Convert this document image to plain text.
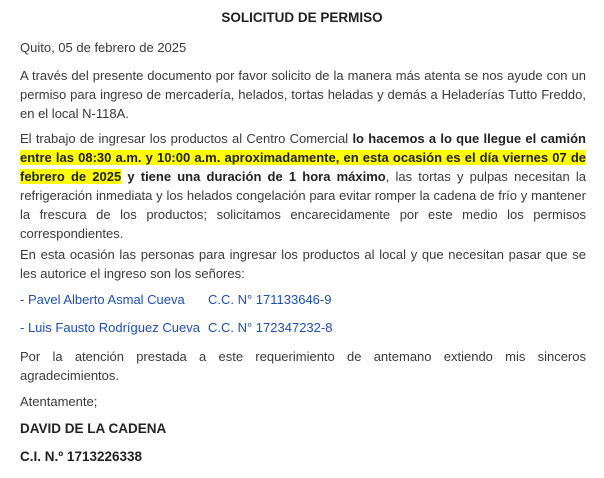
SOLICITUD DE PERMISO
Quito, 05 de febrero de 2025
A través del presente documento por favor solicito de la manera más atenta se nos ayude con un permiso para ingreso de mercadería, helados, tortas heladas y demás a Heladerías Tutto Freddo, en el local N-118A.
El trabajo de ingresar los productos al Centro Comercial lo hacemos a lo que llegue el camión entre las 08:30 a.m. y 10:00 a.m. aproximadamente, en esta ocasión es el día viernes 07 de febrero de 2025 y tiene una duración de 1 hora máximo, las tortas y pulpas necesitan la refrigeración inmediata y los helados congelación para evitar romper la cadena de frío y mantener la frescura de los productos; solicitamos encarecidamente por este medio los permisos correspondientes.
En esta ocasión las personas para ingresar los productos al local y que necesitan pasar que se les autorice el ingreso son los señores:
- Pavel Alberto Asmal Cueva C.C. N° 171133646-9
- Luis Fausto Rodríguez Cueva C.C. N° 172347232-8
Por la atención prestada a este requerimiento de antemano extiendo mis sinceros agradecimientos.
Atentamente;
DAVID DE LA CADENA
C.I. N.º 1713226338
